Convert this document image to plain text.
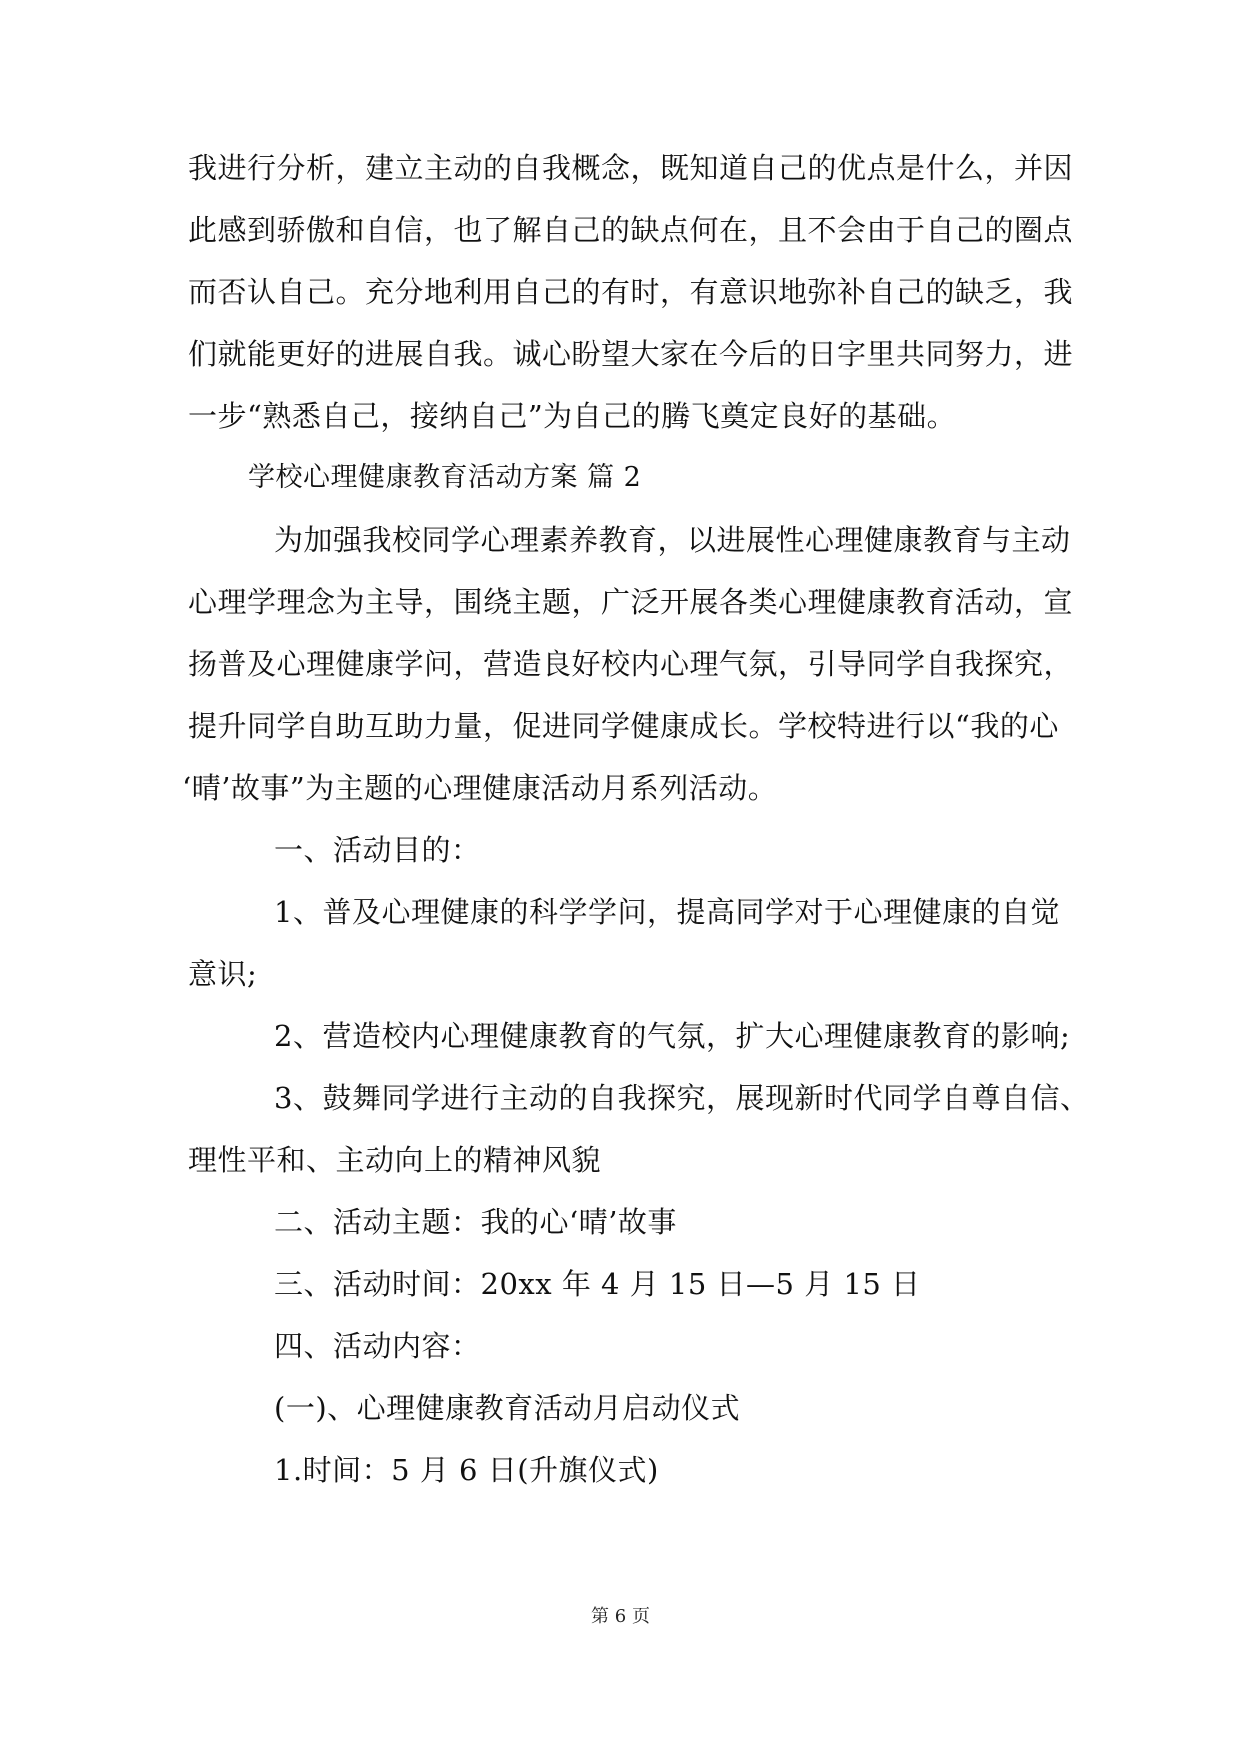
我进行分析，建立主动的自我概念，既知道自己的优点是什么，并因
此感到骄傲和自信，也了解自己的缺点何在，且不会由于自己的圈点
而否认自己。充分地利用自己的有时，有意识地弥补自己的缺乏，我
们就能更好的进展自我。诚心盼望大家在今后的日字里共同努力，进
一步“熟悉自己，接纳自己”为自己的腾飞奠定良好的基础。
学校心理健康教育活动方案 篇 2
为加强我校同学心理素养教育，以进展性心理健康教育与主动
心理学理念为主导，围绕主题，广泛开展各类心理健康教育活动，宣
扬普及心理健康学问，营造良好校内心理气氛，引导同学自我探究，
提升同学自助互助力量，促进同学健康成长。学校特进行以“我的心
‘晴’故事”为主题的心理健康活动月系列活动。
一、活动目的：
1、普及心理健康的科学学问，提高同学对于心理健康的自觉
意识;
2、营造校内心理健康教育的气氛，扩大心理健康教育的影响;
3、鼓舞同学进行主动的自我探究，展现新时代同学自尊自信、
理性平和、主动向上的精神风貌
二、活动主题：我的心‘晴’故事
三、活动时间：20xx 年 4 月 15 日—5 月 15 日
四、活动内容：
(一)、心理健康教育活动月启动仪式
1.时间：5 月 6 日(升旗仪式)
第 6 页
